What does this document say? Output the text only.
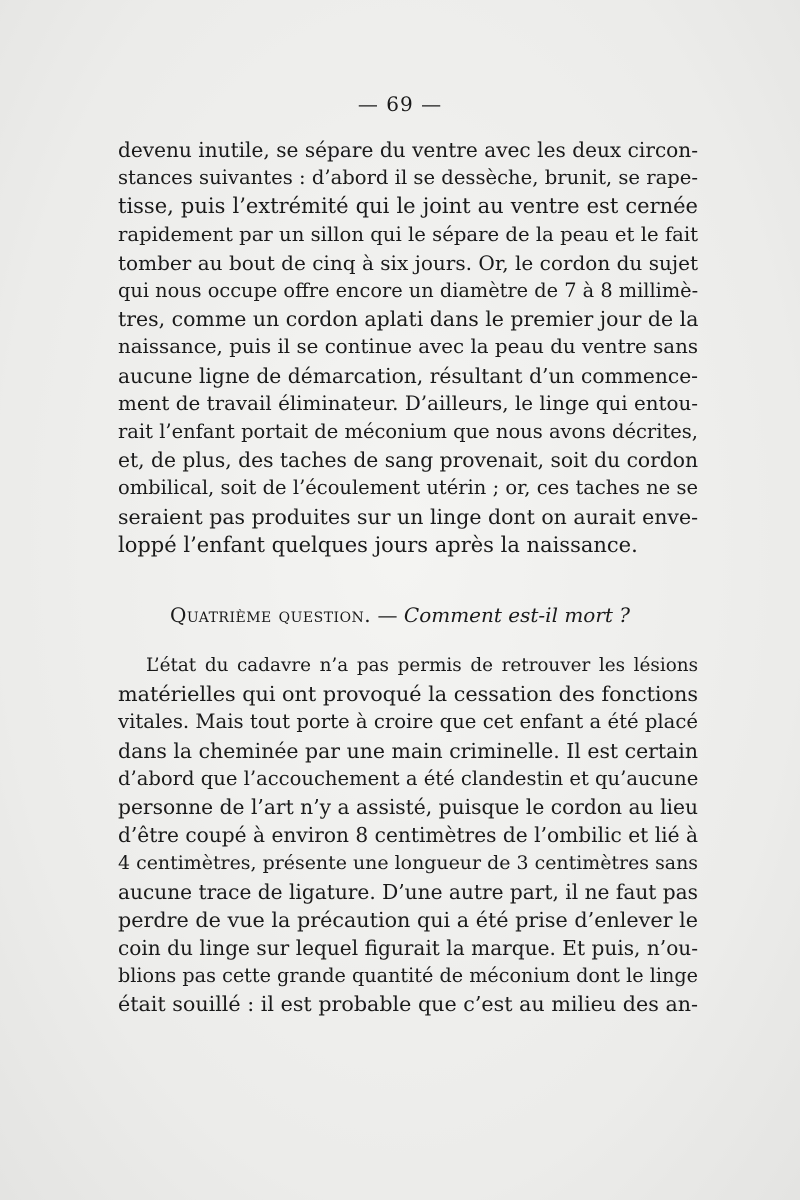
— 69 —
devenu inutile, se sépare du ventre avec les deux circon-
stances suivantes : d’abord il se dessèche, brunit, se rape-
tisse, puis l’extrémité qui le joint au ventre est cernée
rapidement par un sillon qui le sépare de la peau et le fait
tomber au bout de cinq à six jours. Or, le cordon du sujet
qui nous occupe offre encore un diamètre de 7 à 8 millimè-
tres, comme un cordon aplati dans le premier jour de la
naissance, puis il se continue avec la peau du ventre sans
aucune ligne de démarcation, résultant d’un commence-
ment de travail éliminateur. D’ailleurs, le linge qui entou-
rait l’enfant portait de méconium que nous avons décrites,
et, de plus, des taches de sang provenait, soit du cordon
ombilical, soit de l’écoulement utérin ; or, ces taches ne se
seraient pas produites sur un linge dont on aurait enve-
loppé l’enfant quelques jours après la naissance.
Quatrième question. — Comment est-il mort ?
L’état du cadavre n’a pas permis de retrouver les lésions
matérielles qui ont provoqué la cessation des fonctions
vitales. Mais tout porte à croire que cet enfant a été placé
dans la cheminée par une main criminelle. Il est certain
d’abord que l’accouchement a été clandestin et qu’aucune
personne de l’art n’y a assisté, puisque le cordon au lieu
d’être coupé à environ 8 centimètres de l’ombilic et lié à
4 centimètres, présente une longueur de 3 centimètres sans
aucune trace de ligature. D’une autre part, il ne faut pas
perdre de vue la précaution qui a été prise d’enlever le
coin du linge sur lequel figurait la marque. Et puis, n’ou-
blions pas cette grande quantité de méconium dont le linge
était souillé : il est probable que c’est au milieu des an-
